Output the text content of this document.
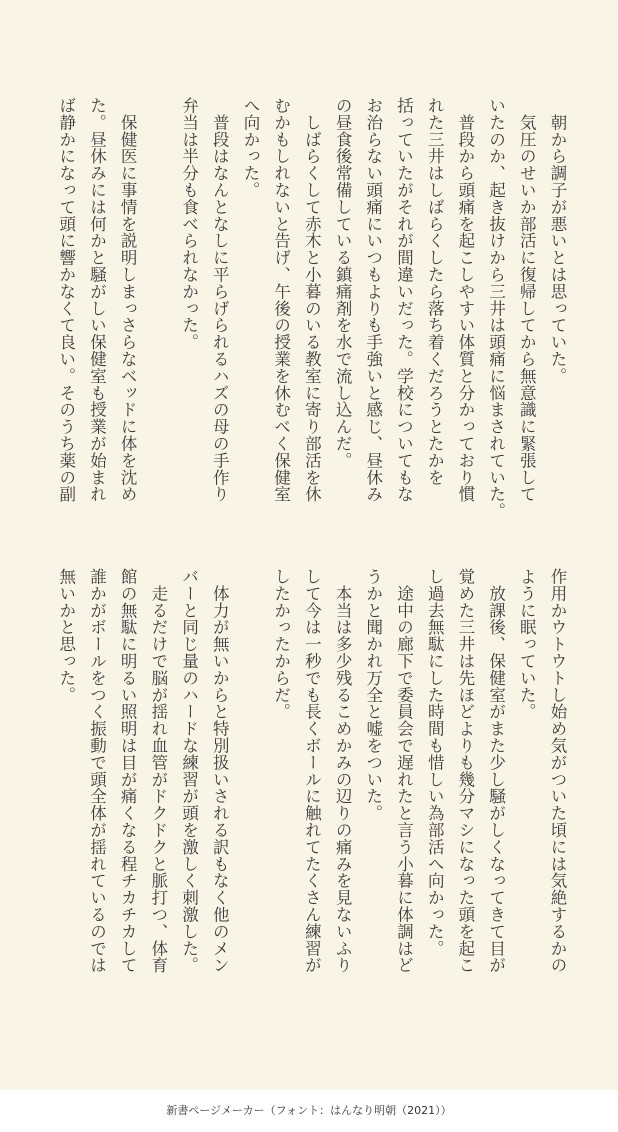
　朝から調子が悪いとは思っていた。

　気圧のせいか部活に復帰してから無意識に緊張して

いたのか、起き抜けから三井は頭痛に悩まされていた。

　普段から頭痛を起こしやすい体質と分かっており慣

れた三井はしばらくしたら落ち着くだろうとたかを

括っていたがそれが間違いだった。学校についてもな

お治らない頭痛にいつもよりも手強いと感じ、昼休み

の昼食後常備している鎮痛剤を水で流し込んだ。

　しばらくして赤木と小暮のいる教室に寄り部活を休

むかもしれないと告げ、午後の授業を休むべく保健室

へ向かった。

　普段はなんとなしに平らげられるハズの母の手作り

弁当は半分も食べられなかった。

　保健医に事情を説明しまっさらなベッドに体を沈め

た。昼休みには何かと騒がしい保健室も授業が始まれ

ば静かになって頭に響かなくて良い。そのうち薬の副

作用かウトウトし始め気がついた頃には気絶するかの

ように眠っていた。

　放課後、保健室がまた少し騒がしくなってきて目が

覚めた三井は先ほどよりも幾分マシになった頭を起こ

し過去無駄にした時間も惜しい為部活へ向かった。

　途中の廊下で委員会で遅れたと言う小暮に体調はど

うかと聞かれ万全と嘘をついた。

　本当は多少残るこめかみの辺りの痛みを見ないふり

して今は一秒でも長くボールに触れてたくさん練習が

したかったからだ。

　体力が無いからと特別扱いされる訳もなく他のメン

バーと同じ量のハードな練習が頭を激しく刺激した。

　走るだけで脳が揺れ血管がドクドクと脈打つ、体育

館の無駄に明るい照明は目が痛くなる程チカチカして

誰かがボールをつく振動で頭全体が揺れているのでは

無いかと思った。

新書ページメーカー（フォント：はんなり明朝（2021））
